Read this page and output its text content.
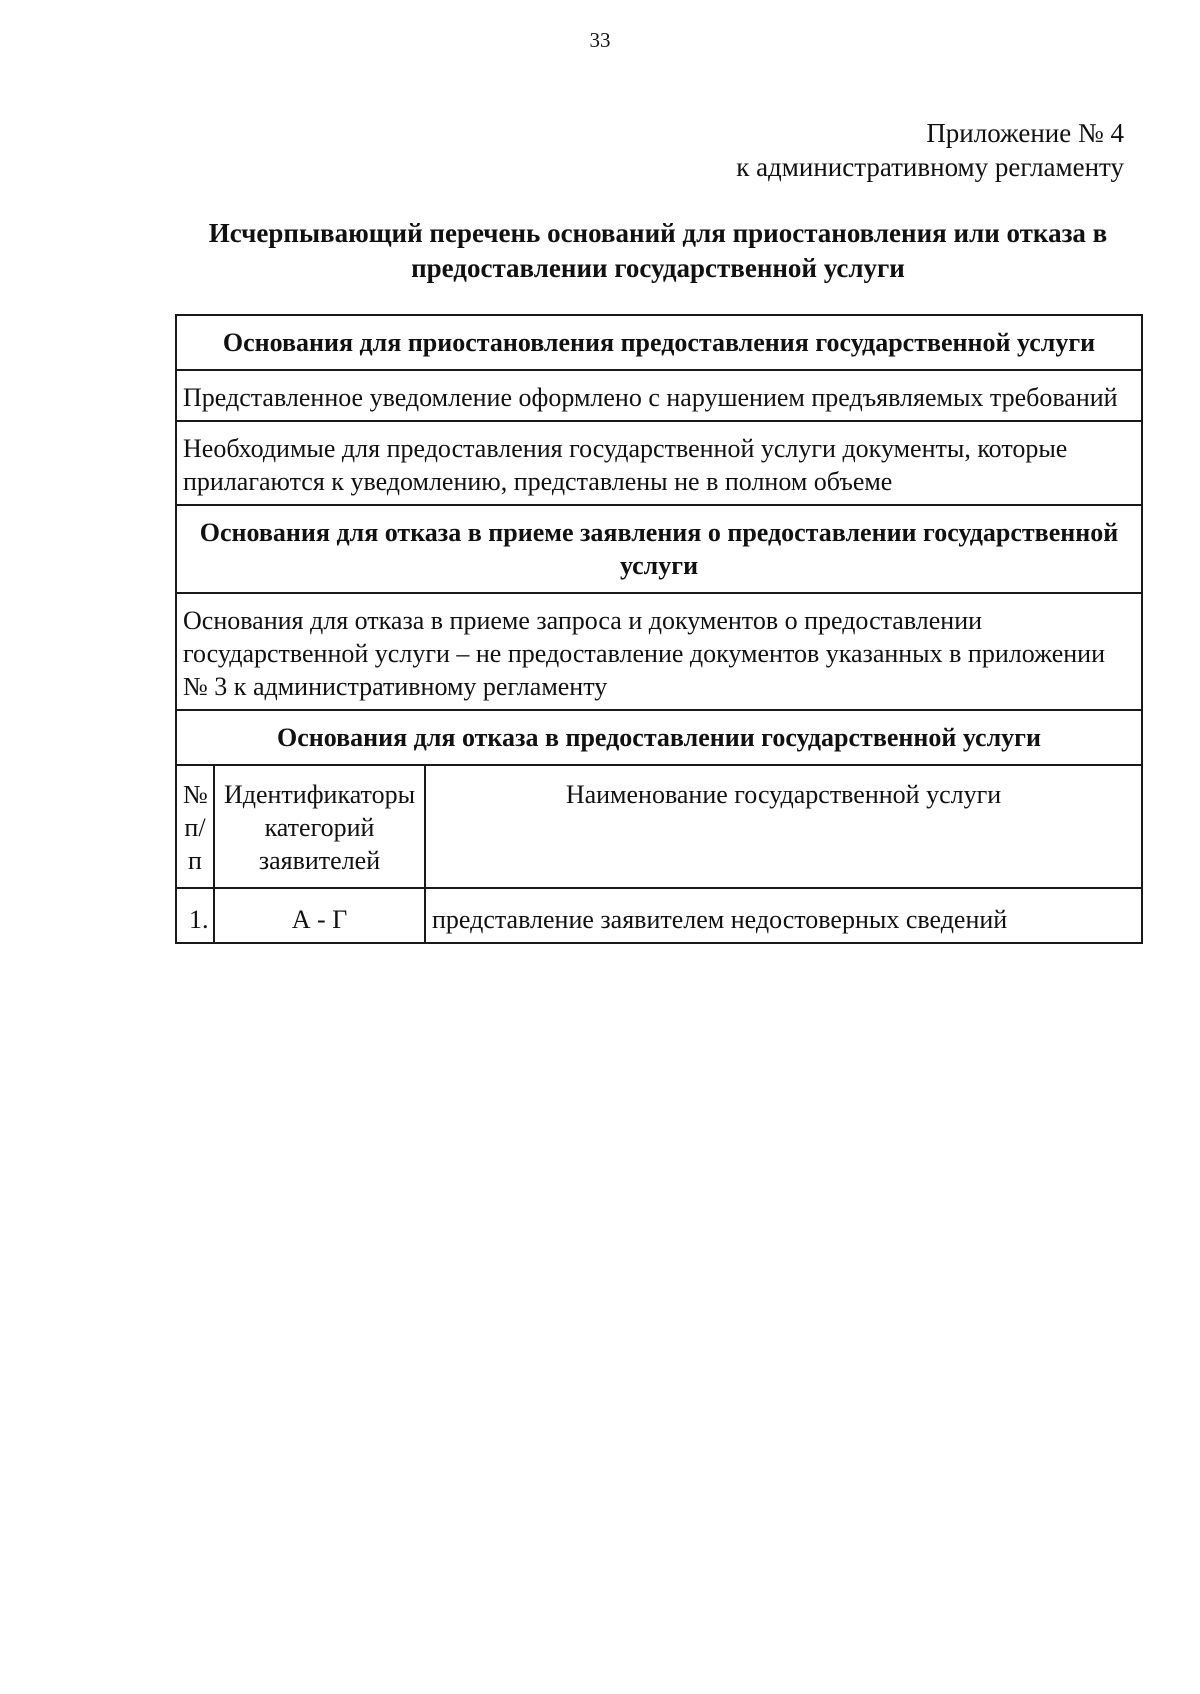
33
Приложение № 4
к административному регламенту
Исчерпывающий перечень оснований для приостановления или отказа в предоставлении государственной услуги
Основания для приостановления предоставления государственной услуги		
Представленное уведомление оформлено с нарушением предъявляемых требований		
Необходимые для предоставления государственной услуги документы, которые прилагаются к уведомлению, представлены не в полном объеме		
Основания для отказа в приеме заявления о предоставлении государственной услуги		
Основания для отказа в приеме запроса и документов о предоставлении государственной услуги – не предоставление документов указанных в приложении № 3 к административному регламенту		
Основания для отказа в предоставлении государственной услуги		
№ п/п	Идентификаторы категорий заявителей	Наименование государственной услуги
1.	А - Г	представление заявителем недостоверных сведений
